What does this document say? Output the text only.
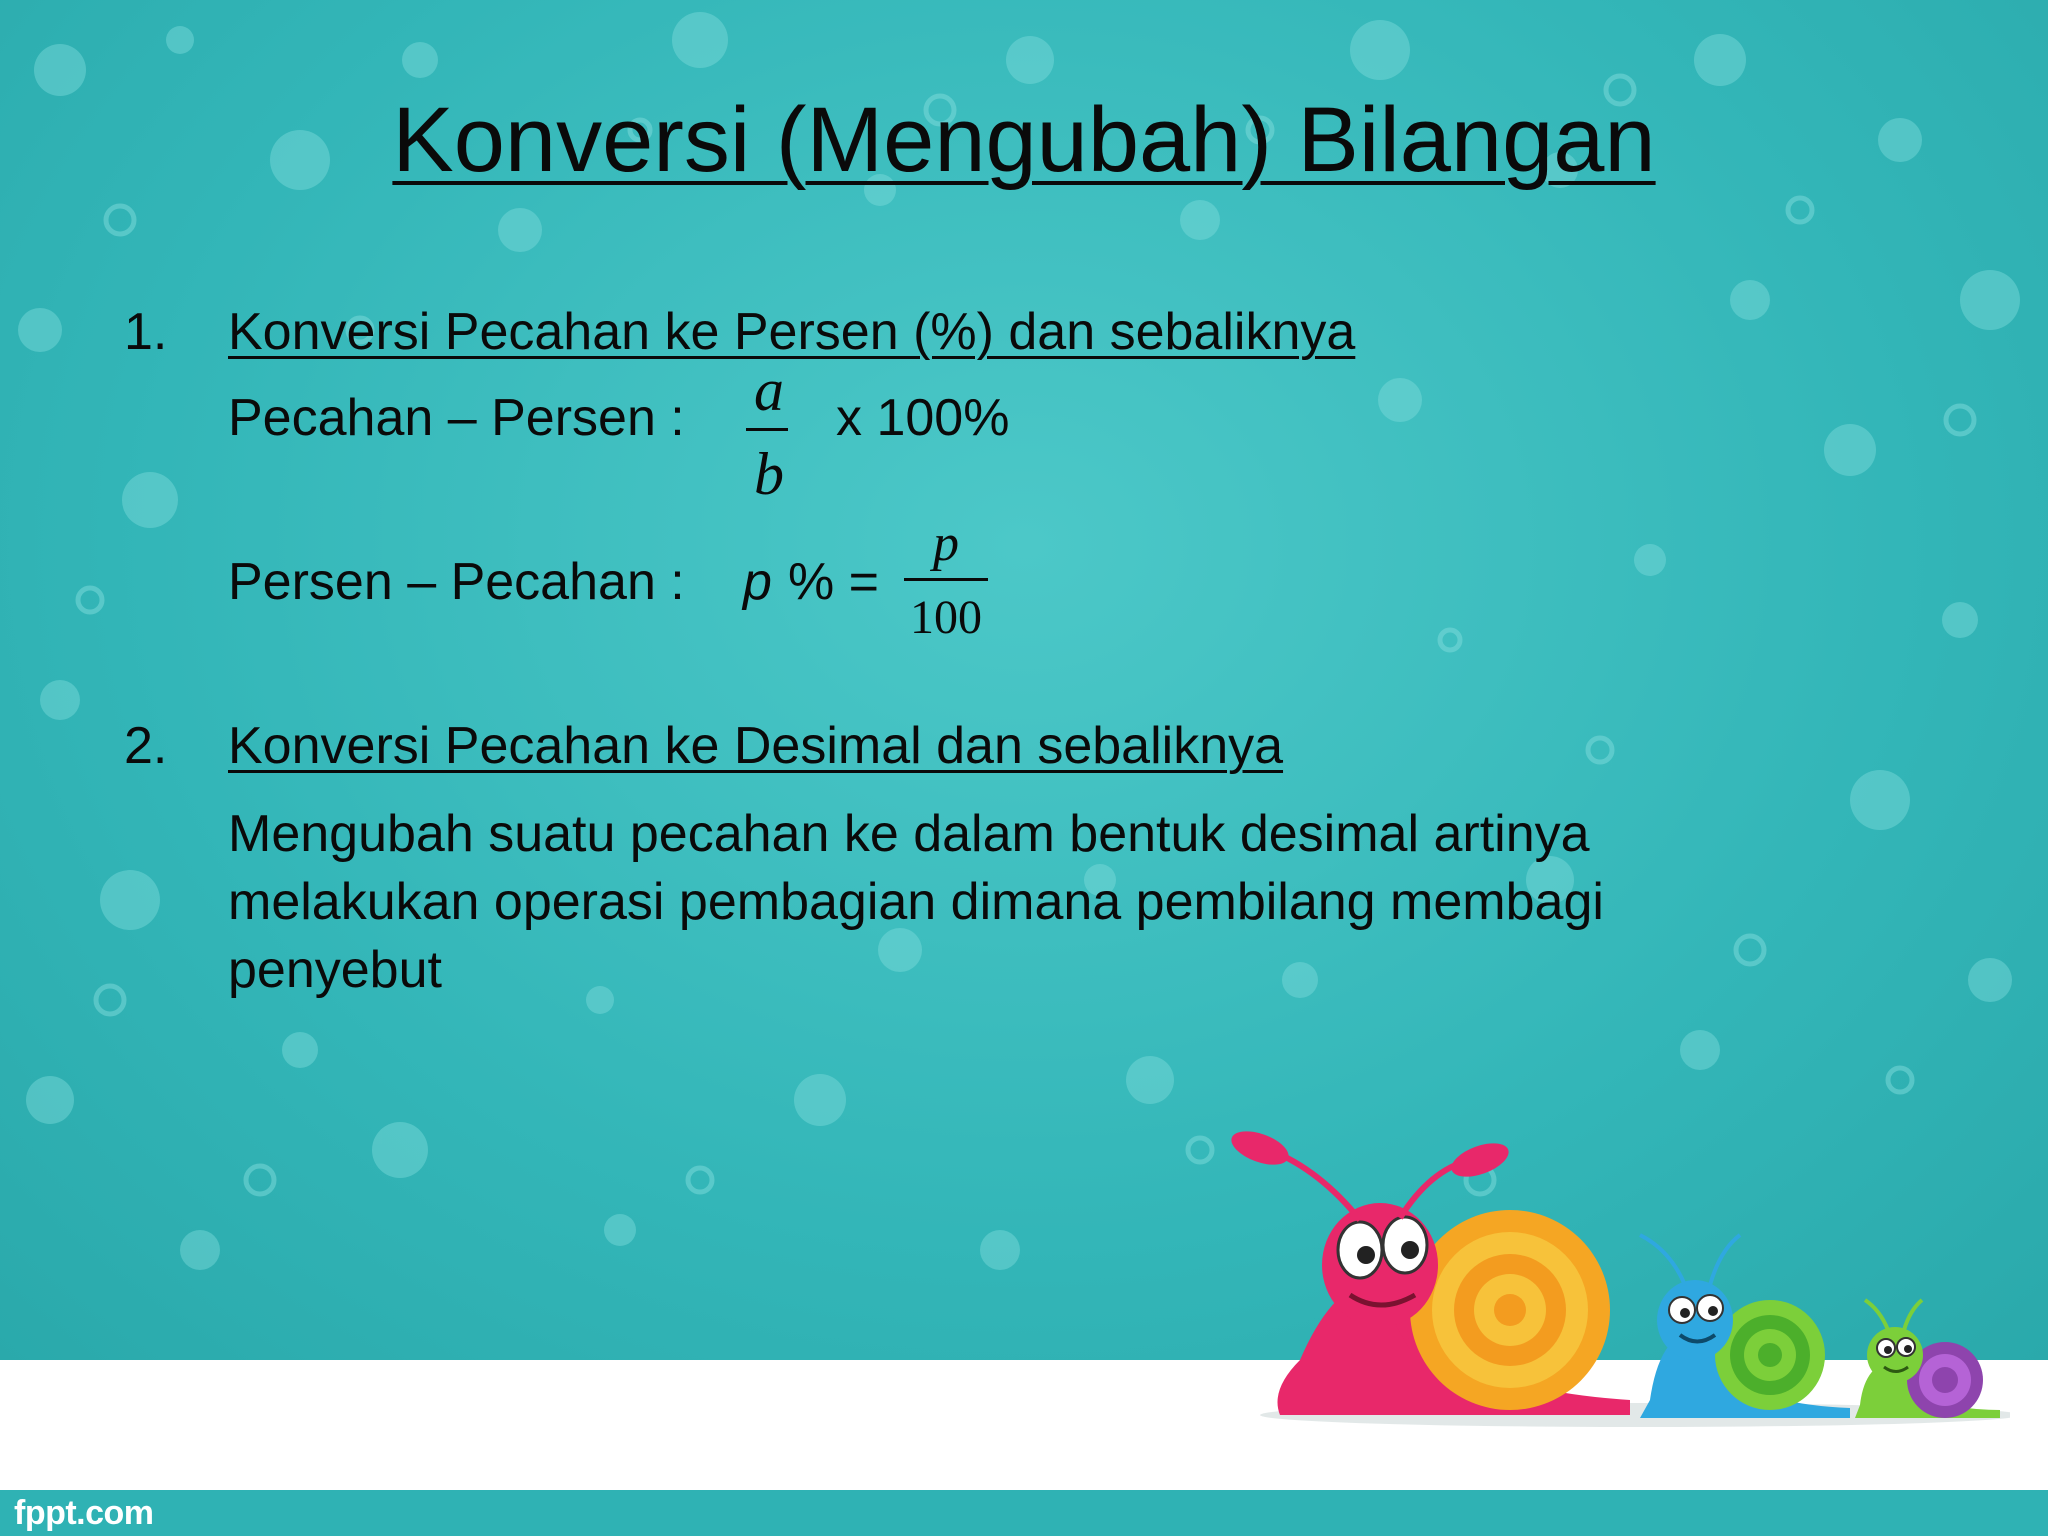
fppt.com
Konversi (Mengubah) Bilangan
1. Konversi Pecahan ke Persen (%) dan sebaliknya
Pecahan – Persen : a
b
x 100%
Persen – Pecahan : p % =
p
100
2. Konversi Pecahan ke Desimal dan sebaliknya
Mengubah suatu pecahan ke dalam bentuk desimal artinya melakukan operasi pembagian dimana pembilang membagi penyebut
